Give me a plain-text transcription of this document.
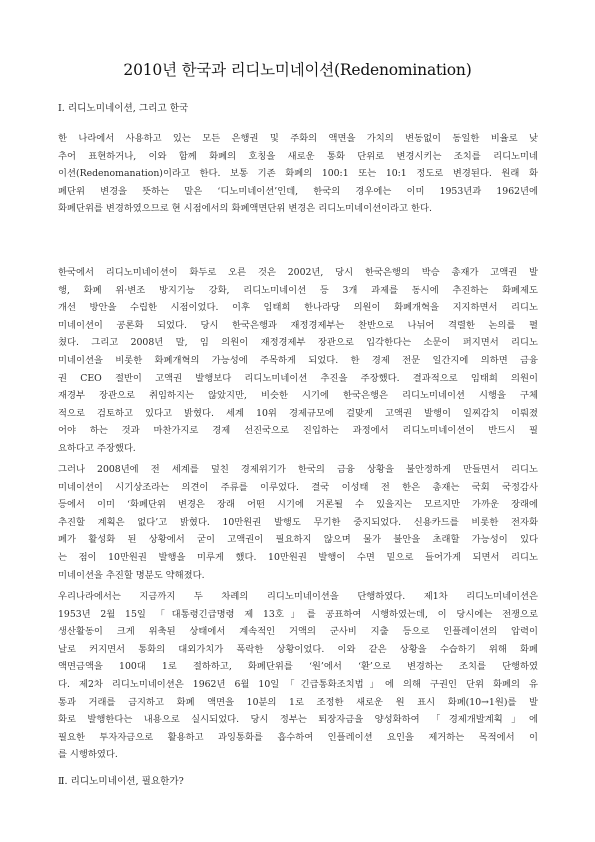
2010년 한국과 리디노미네이션(Redenomination)
Ⅰ. 리디노미네이션, 그리고 한국
한 나라에서 사용하고 있는 모든 은행권 및 주화의 액면을 가치의 변동없이 동일한 비율로 낮
추어 표현하거나, 이와 함께 화폐의 호칭을 새로운 통화 단위로 변경시키는 조치를 리디노미네
이션(Redenomanation)이라고 한다. 보통 기존 화폐의 100:1 또는 10:1 정도로 변경된다. 원래 화
폐단위 변경을 뜻하는 말은 ‘디노미네이션’인데, 한국의 경우에는 이미 1953년과 1962년에
화폐단위를 변경하였으므로 현 시점에서의 화폐액면단위 변경은 리디노미네이션이라고 한다.
한국에서 리디노미네이션이 화두로 오른 것은 2002년, 당시 한국은행의 박승 총재가 고액권 발
행, 화폐 위·변조 방지기능 강화, 리디노미네이션 등 3개 과제를 동시에 추진하는 화폐제도
개선 방안을 수립한 시점이었다. 이후 임태희 한나라당 의원이 화폐개혁을 지지하면서 리디노
미네이션이 공론화 되었다. 당시 한국은행과 재정경제부는 찬반으로 나뉘어 격렬한 논의를 펼
쳤다. 그리고 2008년 말, 임 의원이 재정경제부 장관으로 입각한다는 소문이 퍼지면서 리디노
미네이션을 비롯한 화폐개혁의 가능성에 주목하게 되었다. 한 경제 전문 일간지에 의하면 금융
권 CEO 절반이 고액권 발행보다 리디노미네이션 추진을 주장했다. 결과적으로 임태희 의원이
재경부 장관으로 취임하지는 않았지만, 비슷한 시기에 한국은행은 리디노미네이션 시행을 구체
적으로 검토하고 있다고 밝혔다. 세계 10위 경제규모에 걸맞게 고액권 발행이 일찌감치 이뤄졌
어야 하는 것과 마찬가지로 경제 선진국으로 진입하는 과정에서 리디노미네이션이 반드시 필
요하다고 주장했다.
그러나 2008년에 전 세계를 덮친 경제위기가 한국의 금융 상황을 불안정하게 만들면서 리디노
미네이션이 시기상조라는 의견이 주류를 이루었다. 결국 이성태 전 한은 총재는 국회 국정감사
등에서 이미 ‘화폐단위 변경은 장래 어떤 시기에 거론될 수 있을지는 모르지만 가까운 장래에
추진할 계획은 없다’고 밝혔다. 10만원권 발행도 무기한 중지되었다. 신용카드를 비롯한 전자화
폐가 활성화 된 상황에서 굳이 고액권이 필요하지 않으며 물가 불안을 초래할 가능성이 있다
는 점이 10만원권 발행을 미루게 했다. 10만원권 발행이 수면 밑으로 들어가게 되면서 리디노
미네이션을 추진할 명분도 약해졌다.
우리나라에서는 지금까지 두 차례의 리디노미네이션을 단행하였다. 제1차 리디노미네이션은
1953년 2월 15일 「대통령긴급명령 제 13호」를 공표하여 시행하였는데, 이 당시에는 전쟁으로
생산활동이 크게 위축된 상태에서 계속적인 거액의 군사비 지출 등으로 인플레이션의 압력이
날로 커지면서 통화의 대외가치가 폭락한 상황이었다. 이와 같은 상황을 수습하기 위해 화폐
액면금액을 100대 1로 절하하고, 화폐단위를 ‘원’에서 ‘환’으로 변경하는 조치를 단행하였
다. 제2차 리디노미네이션은 1962년 6월 10일「긴급통화조치법」에 의해 구권인 단위 화폐의 유
통과 거래를 금지하고 화폐 액면을 10분의 1로 조정한 새로운 원 표시 화폐(10→1원)를 발
화로 발행한다는 내용으로 실시되었다. 당시 정부는 퇴장자금을 양성화하여 「경제개발계획」에
필요한 투자자금으로 활용하고 과잉통화를 흡수하여 인플레이션 요인을 제거하는 목적에서 이
를 시행하였다.
Ⅱ. 리디노미네이션, 필요한가?
